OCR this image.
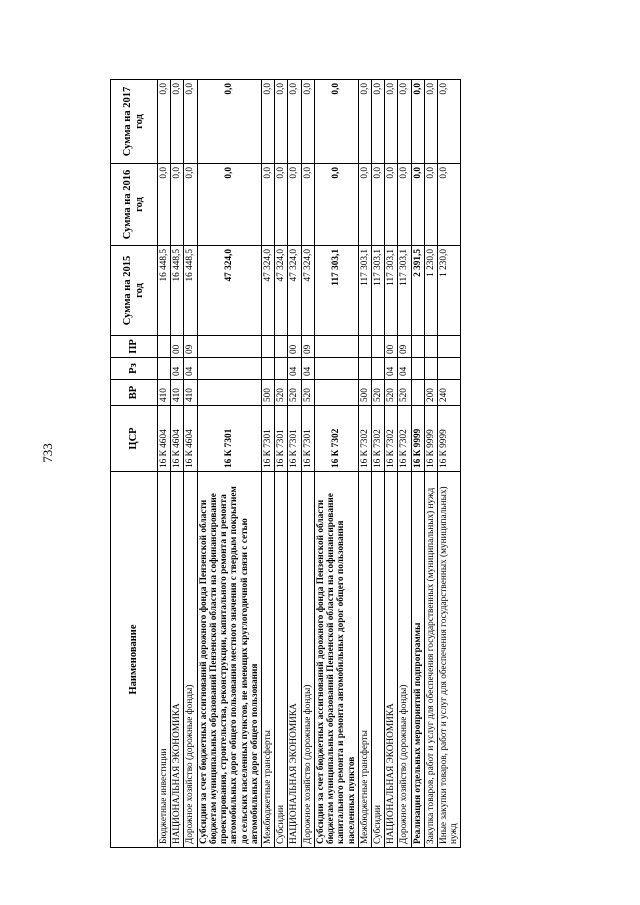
733
Наименование	ЦСР	ВР	Рз	ПР	Сумма на 2015 год	Сумма на 2016 год	Сумма на 2017 год
Бюджетные инвестиции	16 К 4604	410			16 448,5	0,0	0,0
НАЦИОНАЛЬНАЯ ЭКОНОМИКА	16 К 4604	410	04	00	16 448,5	0,0	0,0
Дорожное хозяйство (дорожные фонды)	16 К 4604	410	04	09	16 448,5	0,0	0,0
Субсидии за счет бюджетных ассигнований дорожного фонда Пензенской области бюджетам муниципальных образований Пензенской области на софинансирование проектирования, строительства, реконструкции, капитального ремонта и ремонта автомобильных дорог общего пользования местного значения с твердым покрытием до сельских населенных пунктов, не имеющих круглогодичной связи с сетью автомобильных дорог общего пользования	16 К 7301				47 324,0	0,0	0,0
Межбюджетные трансферты	16 К 7301	500			47 324,0	0,0	0,0
Субсидии	16 К 7301	520			47 324,0	0,0	0,0
НАЦИОНАЛЬНАЯ ЭКОНОМИКА	16 К 7301	520	04	00	47 324,0	0,0	0,0
Дорожное хозяйство (дорожные фонды)	16 К 7301	520	04	09	47 324,0	0,0	0,0
Субсидии за счет бюджетных ассигнований дорожного фонда Пензенской области бюджетам муниципальных образований Пензенской области на софинансирование капитального ремонта и ремонта автомобильных дорог общего пользования населенных пунктов	16 К 7302				117 303,1	0,0	0,0
Межбюджетные трансферты	16 К 7302	500			117 303,1	0,0	0,0
Субсидии	16 К 7302	520			117 303,1	0,0	0,0
НАЦИОНАЛЬНАЯ ЭКОНОМИКА	16 К 7302	520	04	00	117 303,1	0,0	0,0
Дорожное хозяйство (дорожные фонды)	16 К 7302	520	04	09	117 303,1	0,0	0,0
Реализация отдельных мероприятий подпрограммы	16 К 9999				2 391,5	0,0	0,0
Закупка товаров, работ и услуг для обеспечения государственных (муниципальных) нужд	16 К 9999	200			1 230,0	0,0	0,0
Иные закупки товаров, работ и услуг для обеспечения государственных (муниципальных) нужд	16 К 9999	240			1 230,0	0,0	0,0
